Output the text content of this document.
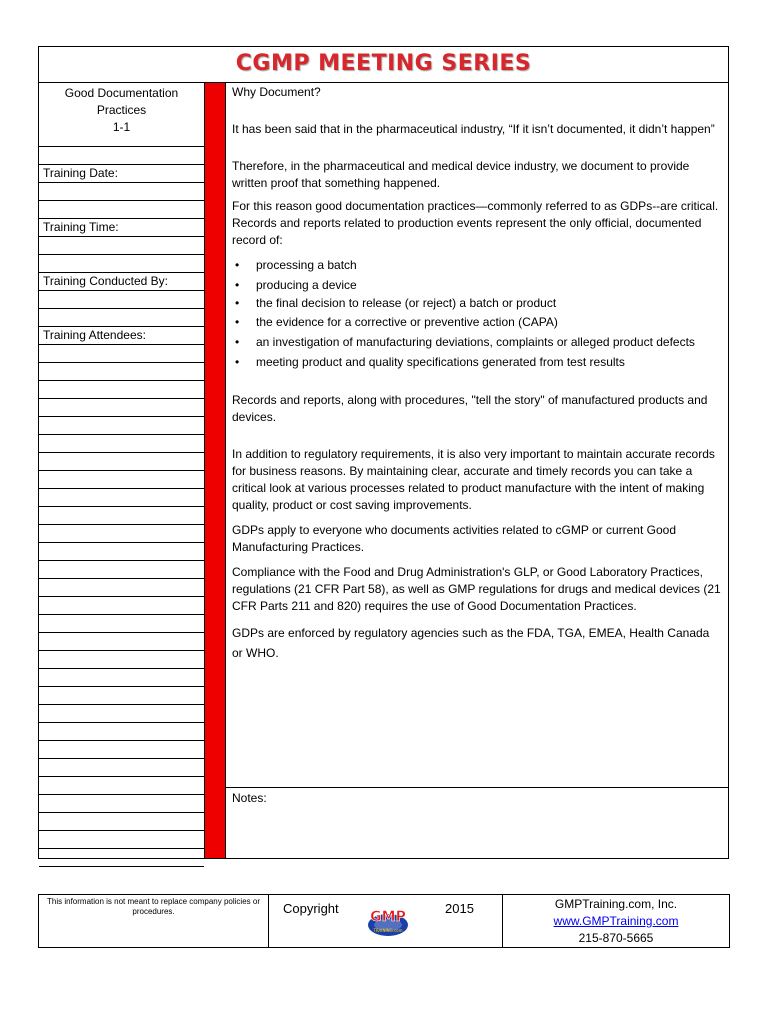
CGMP MEETING SERIES
Good Documentation
Practices
1-1
Training Date:
Training Time:
Training Conducted By:
Training Attendees:

Why Document?

It has been said that in the pharmaceutical industry, “If it isn’t documented, it didn’t happen”

Therefore, in the pharmaceutical and medical device industry, we document to provide written proof that something happened.

For this reason good documentation practices—commonly referred to as GDPs--are critical. Records and reports related to production events represent the only official, documented record of:

• processing a batch
• producing a device
• the final decision to release (or reject) a batch or product
• the evidence for a corrective or preventive action (CAPA)
• an investigation of manufacturing deviations, complaints or alleged product defects
• meeting product and quality specifications generated from test results

Records and reports, along with procedures, "tell the story" of manufactured products and devices.

In addition to regulatory requirements, it is also very important to maintain accurate records for business reasons. By maintaining clear, accurate and timely records you can take a critical look at various processes related to product manufacture with the intent of making quality, product or cost saving improvements.

GDPs apply to everyone who documents activities related to cGMP or current Good Manufacturing Practices.

Compliance with the Food and Drug Administration's GLP, or Good Laboratory Practices, regulations (21 CFR Part 58), as well as GMP regulations for drugs and medical devices (21 CFR Parts 211 and 820) requires the use of Good Documentation Practices.

GDPs are enforced by regulatory agencies such as the FDA, TGA, EMEA, Health Canada or WHO.

Notes:
This information is not meant to replace company policies or procedures.	Copyright
GMP
TRAINING.com
2015	GMPTraining.com, Inc.
www.GMPTraining.com
215-870-5665
